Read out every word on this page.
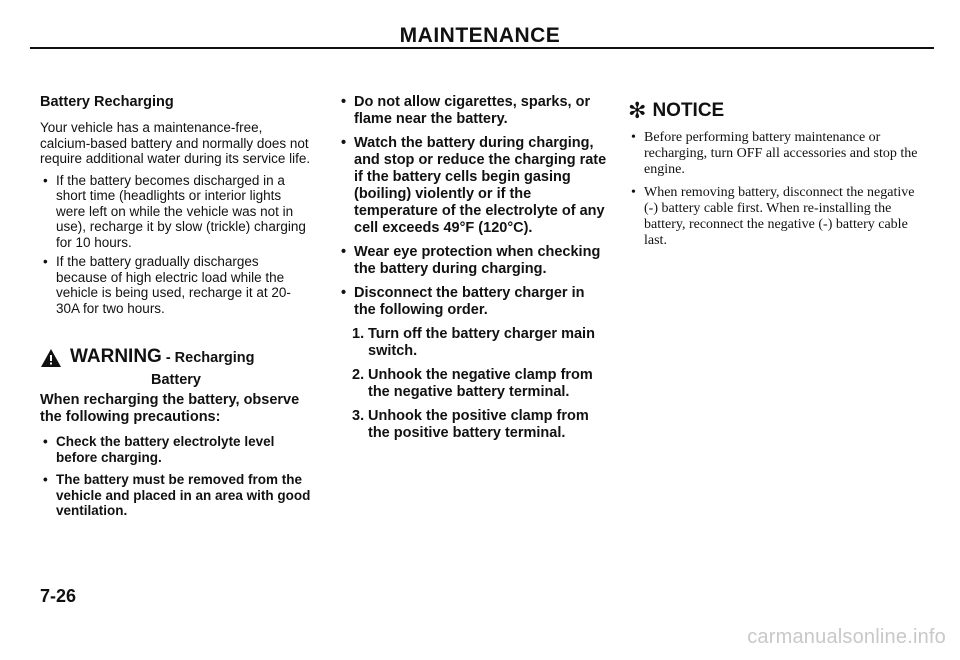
MAINTENANCE
Battery Recharging

Your vehicle has a maintenance-free, calcium-based battery and normally does not require additional water during its service life.

• If the battery becomes discharged in a short time (headlights or interior lights were left on while the vehicle was not in use), recharge it by slow (trickle) charging for 10 hours.
• If the battery gradually discharges because of high electric load while the vehicle is being used, recharge it at 20-30A for two hours.
WARNING - Recharging
Battery

When recharging the battery, observe the following precautions:

• Check the battery electrolyte level before charging.
• The battery must be removed from the vehicle and placed in an area with good ventilation.
• Do not allow cigarettes, sparks, or flame near the battery.
• Watch the battery during charging, and stop or reduce the charging rate if the battery cells begin gasing (boiling) violently or if the temperature of the electrolyte of any cell exceeds 49°F (120°C).
• Wear eye protection when checking the battery during charging.
• Disconnect the battery charger in the following order.
1. Turn off the battery charger main switch.
2. Unhook the negative clamp from the negative battery terminal.
3. Unhook the positive clamp from the positive battery terminal.
✻ NOTICE
• Before performing battery maintenance or recharging, turn OFF all accessories and stop the engine.
• When removing battery, disconnect the negative (-) battery cable first. When re-installing the battery, reconnect the negative (-) battery cable last.
7-26
carmanualsonline.info
